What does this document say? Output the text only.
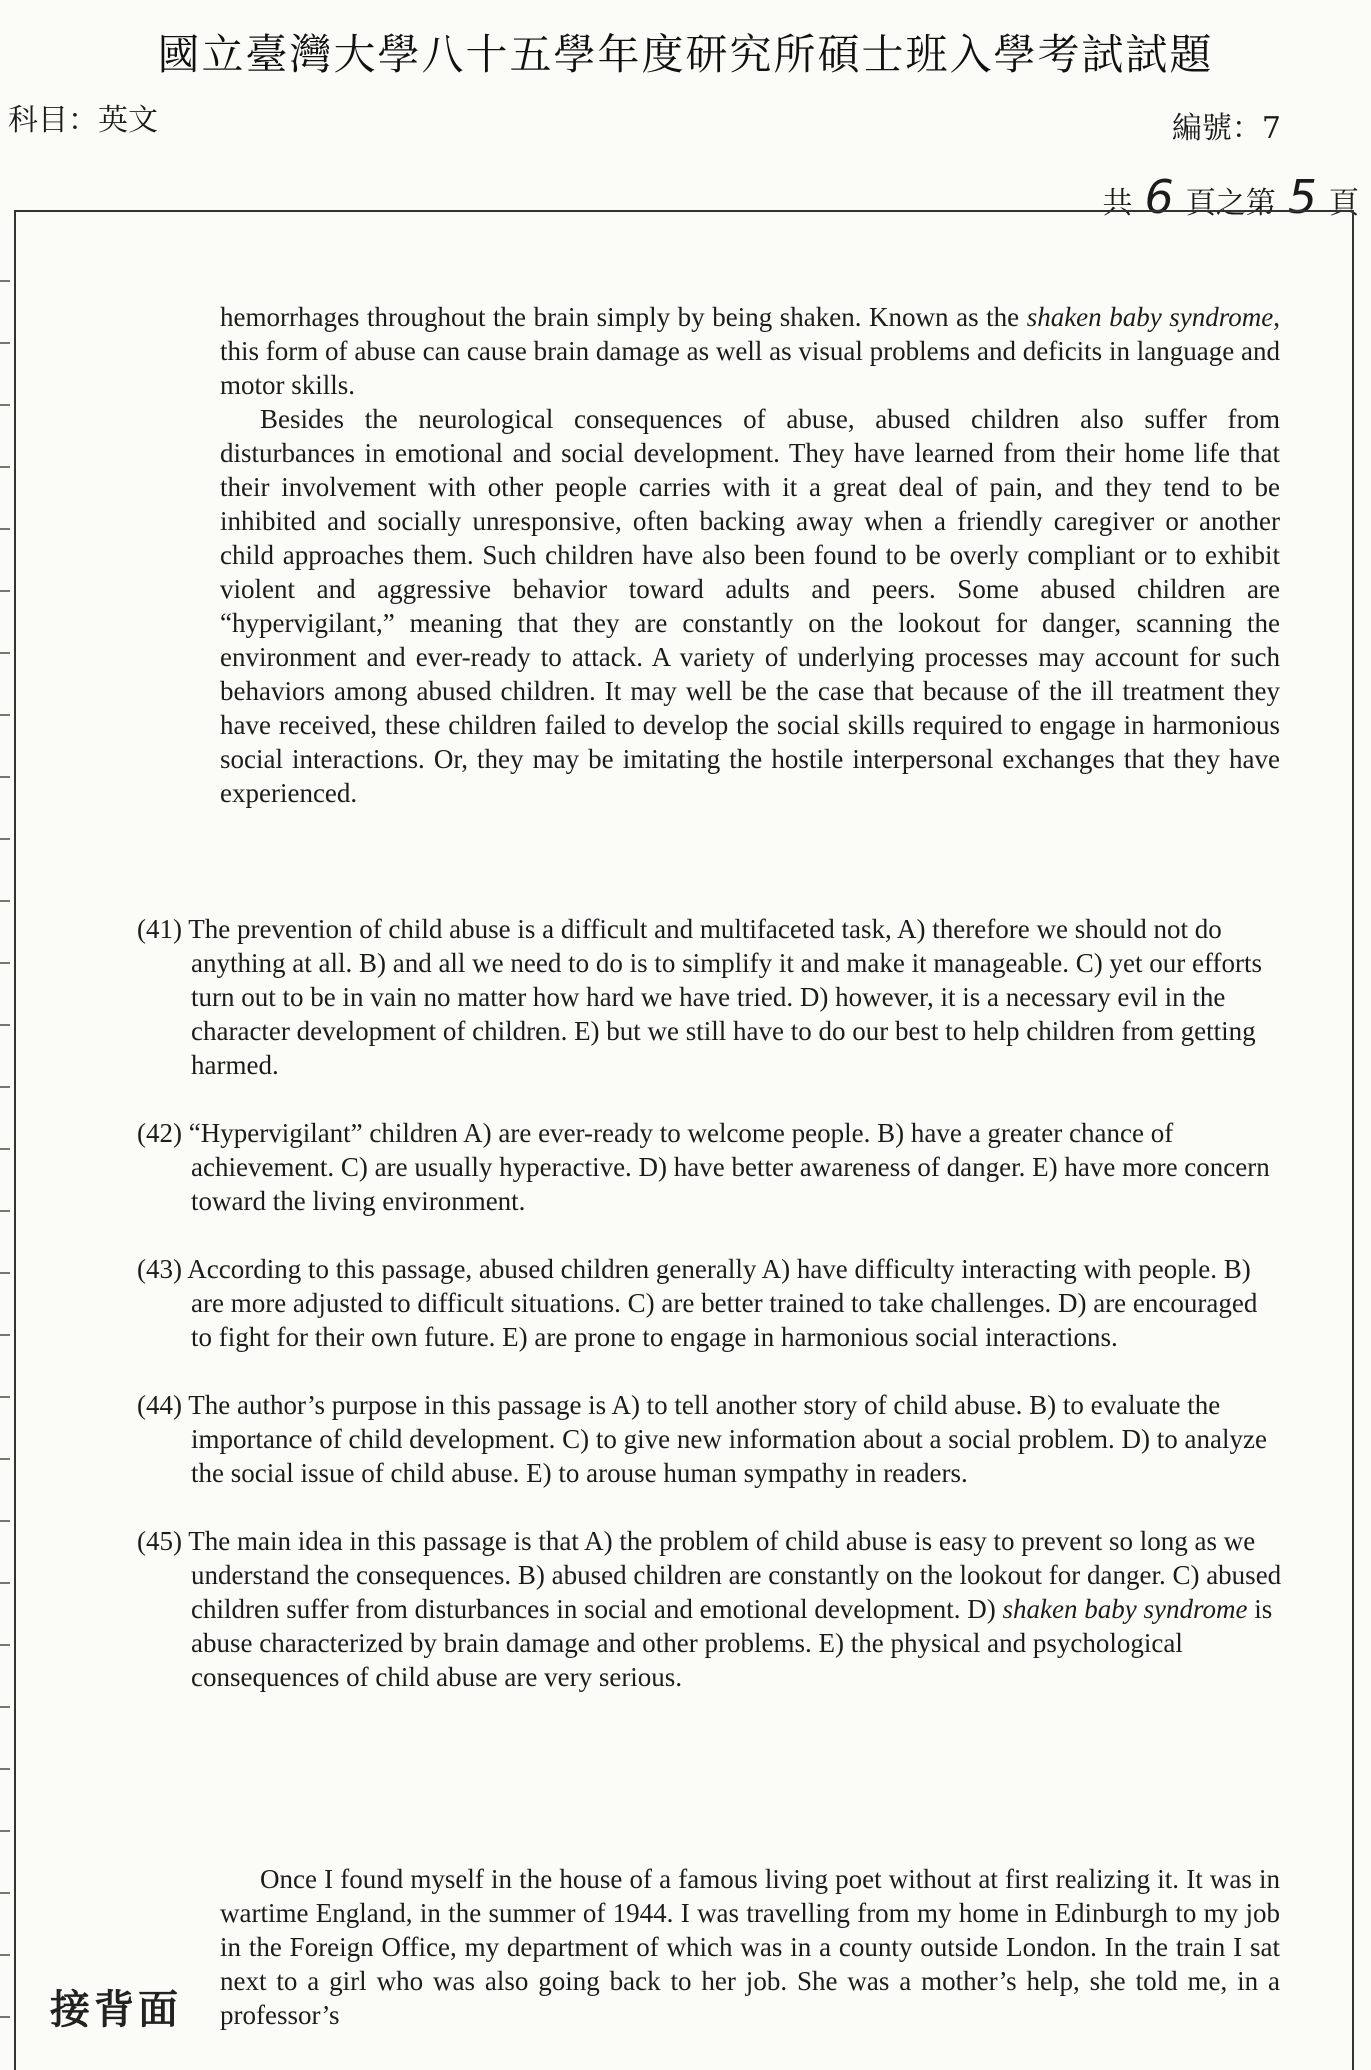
國立臺灣大學八十五學年度研究所碩士班入學考試試題
科目：英文	編號：7
共 6 頁之第 5 頁

hemorrhages throughout the brain simply by being shaken. Known as the shaken baby syndrome, this form of abuse can cause brain damage as well as visual problems and deficits in language and motor skills.

Besides the neurological consequences of abuse, abused children also suffer from disturbances in emotional and social development. They have learned from their home life that their involvement with other people carries with it a great deal of pain, and they tend to be inhibited and socially unresponsive, often backing away when a friendly caregiver or another child approaches them. Such children have also been found to be overly compliant or to exhibit violent and aggressive behavior toward adults and peers. Some abused children are “hypervigilant,” meaning that they are constantly on the lookout for danger, scanning the environment and ever-ready to attack. A variety of underlying processes may account for such behaviors among abused children. It may well be the case that because of the ill treatment they have received, these children failed to develop the social skills required to engage in harmonious social interactions. Or, they may be imitating the hostile interpersonal exchanges that they have experienced.

(41) The prevention of child abuse is a difficult and multifaceted task, A) therefore we should not do anything at all. B) and all we need to do is to simplify it and make it manageable. C) yet our efforts turn out to be in vain no matter how hard we have tried. D) however, it is a necessary evil in the character development of children. E) but we still have to do our best to help children from getting harmed.

(42) “Hypervigilant” children A) are ever-ready to welcome people. B) have a greater chance of achievement. C) are usually hyperactive. D) have better awareness of danger. E) have more concern toward the living environment.

(43) According to this passage, abused children generally A) have difficulty interacting with people. B) are more adjusted to difficult situations. C) are better trained to take challenges. D) are encouraged to fight for their own future. E) are prone to engage in harmonious social interactions.

(44) The author’s purpose in this passage is A) to tell another story of child abuse. B) to evaluate the importance of child development. C) to give new information about a social problem. D) to analyze the social issue of child abuse. E) to arouse human sympathy in readers.

(45) The main idea in this passage is that A) the problem of child abuse is easy to prevent so long as we understand the consequences. B) abused children are constantly on the lookout for danger. C) abused children suffer from disturbances in social and emotional development. D) shaken baby syndrome is abuse characterized by brain damage and other problems. E) the physical and psychological consequences of child abuse are very serious.

Once I found myself in the house of a famous living poet without at first realizing it. It was in wartime England, in the summer of 1944. I was travelling from my home in Edinburgh to my job in the Foreign Office, my department of which was in a county outside London. In the train I sat next to a girl who was also going back to her job. She was a mother’s help, she told me, in a professor’s

接背面
